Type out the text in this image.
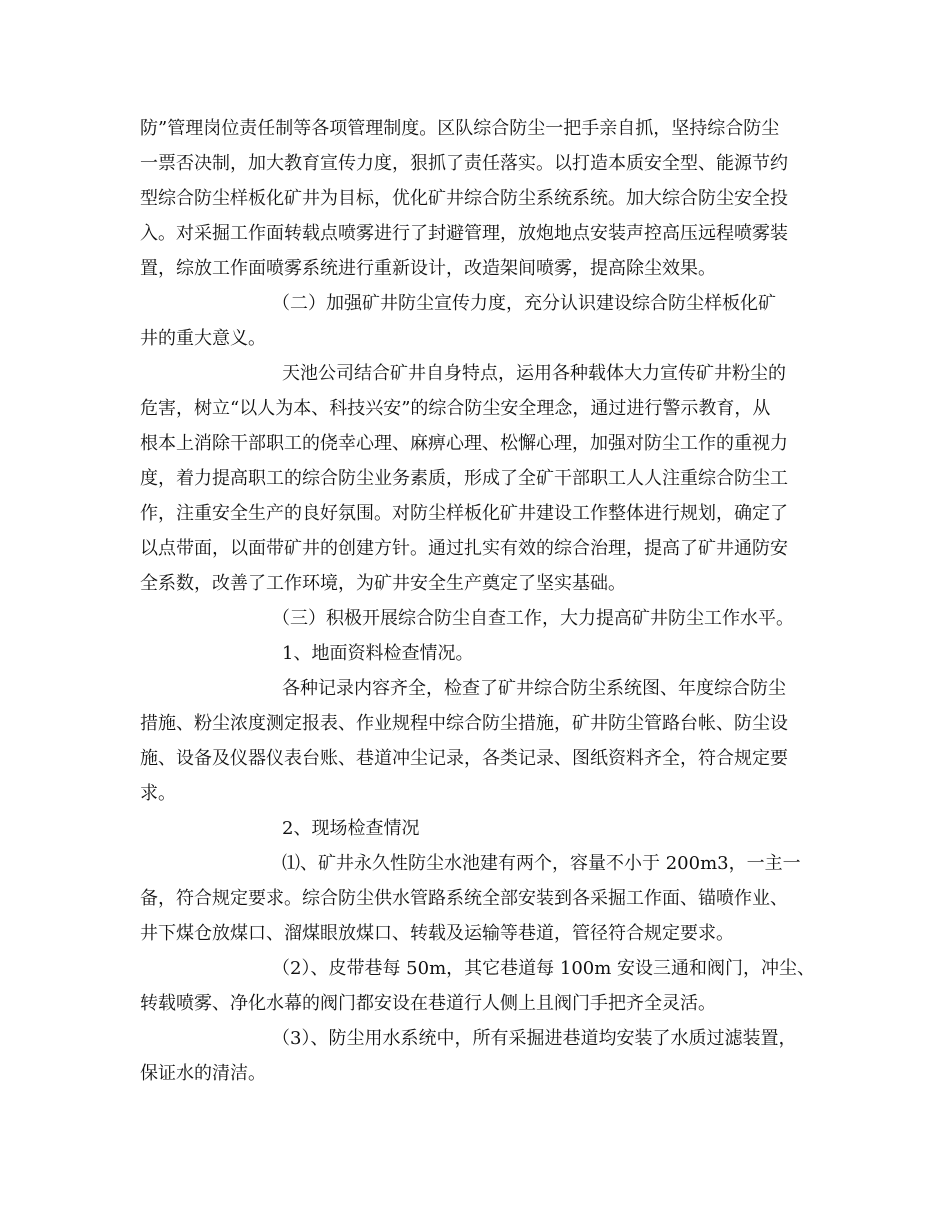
防”管理岗位责任制等各项管理制度。区队综合防尘一把手亲自抓，坚持综合防尘
一票否决制，加大教育宣传力度，狠抓了责任落实。以打造本质安全型、能源节约
型综合防尘样板化矿井为目标，优化矿井综合防尘系统系统。加大综合防尘安全投
入。对采掘工作面转载点喷雾进行了封避管理，放炮地点安装声控高压远程喷雾装
置，综放工作面喷雾系统进行重新设计，改造架间喷雾，提高除尘效果。
（二）加强矿井防尘宣传力度，充分认识建设综合防尘样板化矿
井的重大意义。
天池公司结合矿井自身特点，运用各种载体大力宣传矿井粉尘的
危害，树立“以人为本、科技兴安”的综合防尘安全理念，通过进行警示教育，从
根本上消除干部职工的侥幸心理、麻痹心理、松懈心理，加强对防尘工作的重视力
度，着力提高职工的综合防尘业务素质，形成了全矿干部职工人人注重综合防尘工
作，注重安全生产的良好氛围。对防尘样板化矿井建设工作整体进行规划，确定了
以点带面，以面带矿井的创建方针。通过扎实有效的综合治理，提高了矿井通防安
全系数，改善了工作环境，为矿井安全生产奠定了坚实基础。
（三）积极开展综合防尘自查工作，大力提高矿井防尘工作水平。
1、地面资料检查情况。
各种记录内容齐全，检查了矿井综合防尘系统图、年度综合防尘
措施、粉尘浓度测定报表、作业规程中综合防尘措施，矿井防尘管路台帐、防尘设
施、设备及仪器仪表台账、巷道冲尘记录，各类记录、图纸资料齐全，符合规定要
求。
2、现场检查情况
⑴、矿井永久性防尘水池建有两个，容量不小于 200m3，一主一
备，符合规定要求。综合防尘供水管路系统全部安装到各采掘工作面、锚喷作业、
井下煤仓放煤口、溜煤眼放煤口、转载及运输等巷道，管径符合规定要求。
（2）、皮带巷每 50m，其它巷道每 100m 安设三通和阀门，冲尘、
转载喷雾、净化水幕的阀门都安设在巷道行人侧上且阀门手把齐全灵活。
（3）、防尘用水系统中，所有采掘进巷道均安装了水质过滤装置，
保证水的清洁。
